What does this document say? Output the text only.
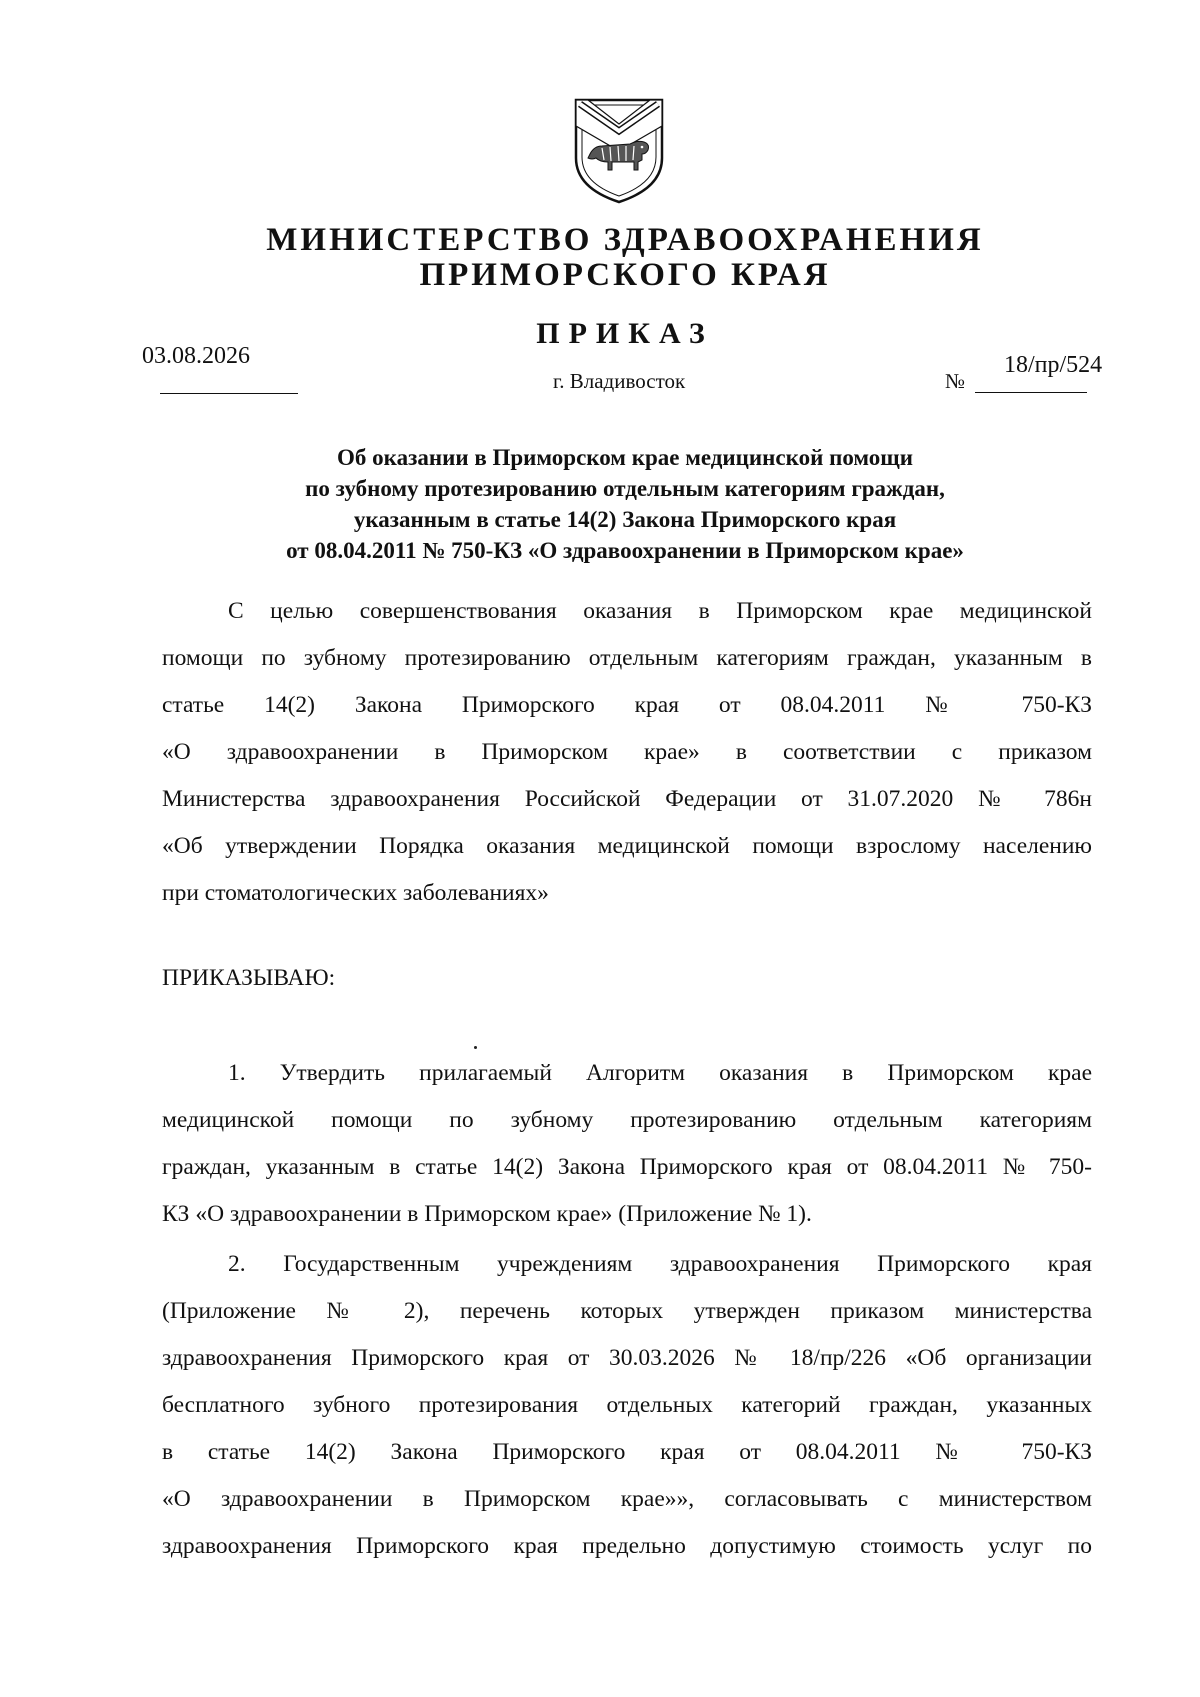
МИНИСТЕРСТВО ЗДРАВООХРАНЕНИЯ
ПРИМОРСКОГО КРАЯ
ПРИКАЗ
03.08.2026
г. Владивосток	№
18/пр/524
Об оказании в Приморском крае медицинской помощи
по зубному протезированию отдельным категориям граждан,
указанным в статье 14(2) Закона Приморского края
от 08.04.2011 № 750-КЗ «О здравоохранении в Приморском крае»
С целью совершенствования оказания в Приморском крае медицинской
помощи по зубному протезированию отдельным категориям граждан, указанным в
статье 14(2) Закона Приморского края от 08.04.2011 № 750-КЗ
«О здравоохранении в Приморском крае» в соответствии с приказом
Министерства здравоохранения Российской Федерации от 31.07.2020 № 786н
«Об утверждении Порядка оказания медицинской помощи взрослому населению
при стоматологических заболеваниях»
ПРИКАЗЫВАЮ:
1. Утвердить прилагаемый Алгоритм оказания в Приморском крае
медицинской помощи по зубному протезированию отдельным категориям
граждан, указанным в статье 14(2) Закона Приморского края от 08.04.2011 № 750-
КЗ «О здравоохранении в Приморском крае» (Приложение № 1).
2. Государственным учреждениям здравоохранения Приморского края
(Приложение № 2), перечень которых утвержден приказом министерства
здравоохранения Приморского края от 30.03.2026 № 18/пр/226 «Об организации
бесплатного зубного протезирования отдельных категорий граждан, указанных
в статье 14(2) Закона Приморского края от 08.04.2011 № 750-КЗ
«О здравоохранении в Приморском крае»», согласовывать с министерством
здравоохранения Приморского края предельно допустимую стоимость услуг по
